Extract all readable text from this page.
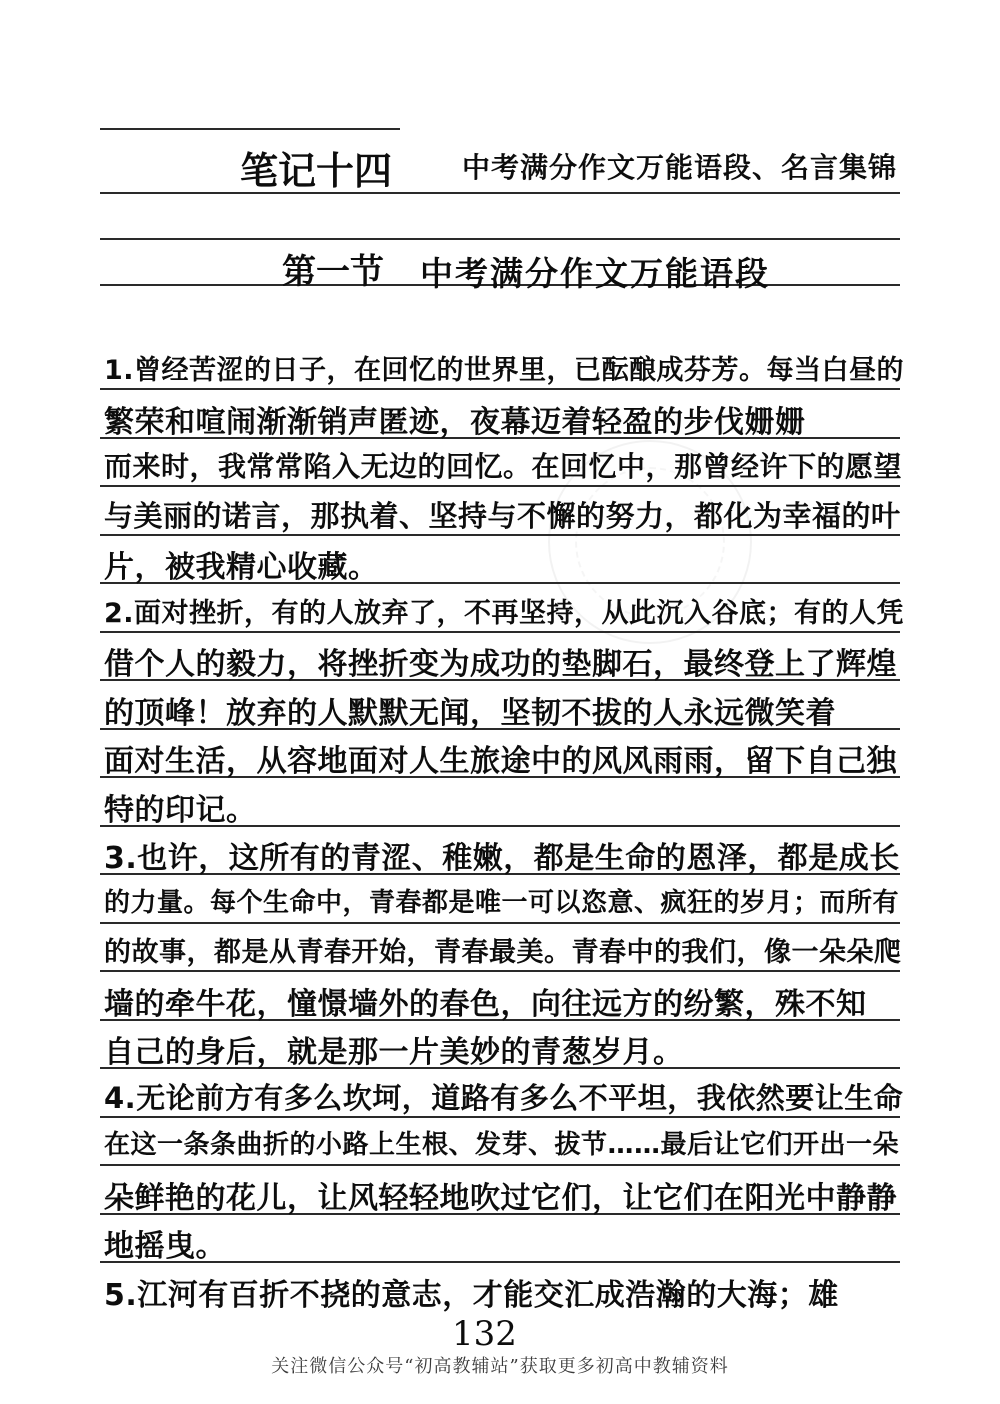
笔记十四 中考满分作文万能语段、名言集锦
第一节 中考满分作文万能语段
1.曾经苦涩的日子，在回忆的世界里，已酝酿成芬芳。每当白昼的
繁荣和喧闹渐渐销声匿迹，夜幕迈着轻盈的步伐姗姗
而来时，我常常陷入无边的回忆。在回忆中，那曾经许下的愿望
与美丽的诺言，那执着、坚持与不懈的努力，都化为幸福的叶
片，被我精心收藏。
2.面对挫折，有的人放弃了，不再坚持，从此沉入谷底；有的人凭
借个人的毅力，将挫折变为成功的垫脚石，最终登上了辉煌
的顶峰！放弃的人默默无闻，坚韧不拔的人永远微笑着
面对生活，从容地面对人生旅途中的风风雨雨，留下自己独
特的印记。
3.也许，这所有的青涩、稚嫩，都是生命的恩泽，都是成长
的力量。每个生命中，青春都是唯一可以恣意、疯狂的岁月；而所有
的故事，都是从青春开始，青春最美。青春中的我们，像一朵朵爬
墙的牵牛花，憧憬墙外的春色，向往远方的纷繁，殊不知
自己的身后，就是那一片美妙的青葱岁月。
4.无论前方有多么坎坷，道路有多么不平坦，我依然要让生命
在这一条条曲折的小路上生根、发芽、拔节……最后让它们开出一朵
朵鲜艳的花儿，让风轻轻地吹过它们，让它们在阳光中静静
地摇曳。
5.江河有百折不挠的意志，才能交汇成浩瀚的大海；雄
132
关注微信公众号“初高教辅站”获取更多初高中教辅资料
